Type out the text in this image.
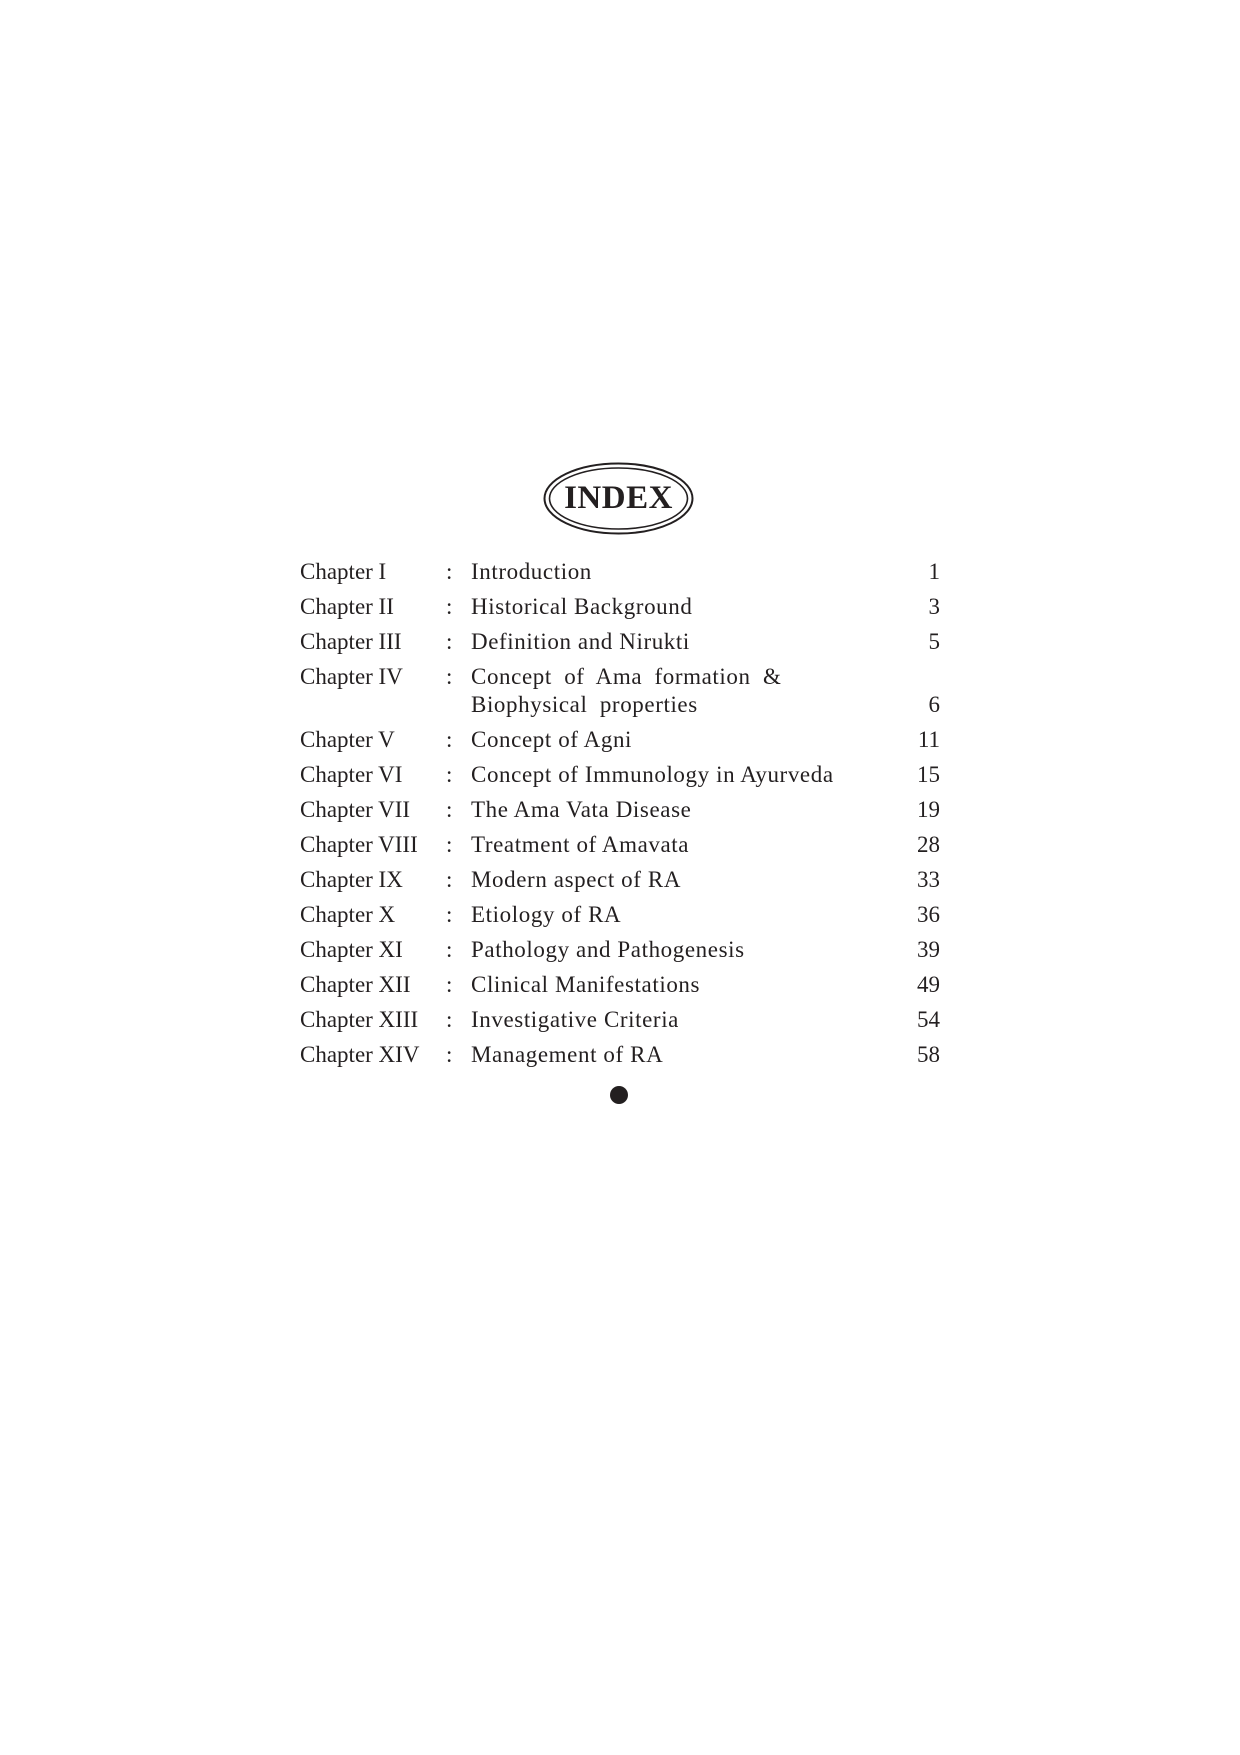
INDEX
Chapter I	: Introduction	1
Chapter II	: Historical Background	3
Chapter III	: Definition and Nirukti	5
Chapter IV	: Concept of Ama formation & Biophysical properties	6
Chapter V	: Concept of Agni	11
Chapter VI	: Concept of Immunology in Ayurveda	15
Chapter VII	: The Ama Vata Disease	19
Chapter VIII	: Treatment of Amavata	28
Chapter IX	: Modern aspect of RA	33
Chapter X	: Etiology of RA	36
Chapter XI	: Pathology and Pathogenesis	39
Chapter XII	: Clinical Manifestations	49
Chapter XIII	: Investigative Criteria	54
Chapter XIV	: Management of RA	58
